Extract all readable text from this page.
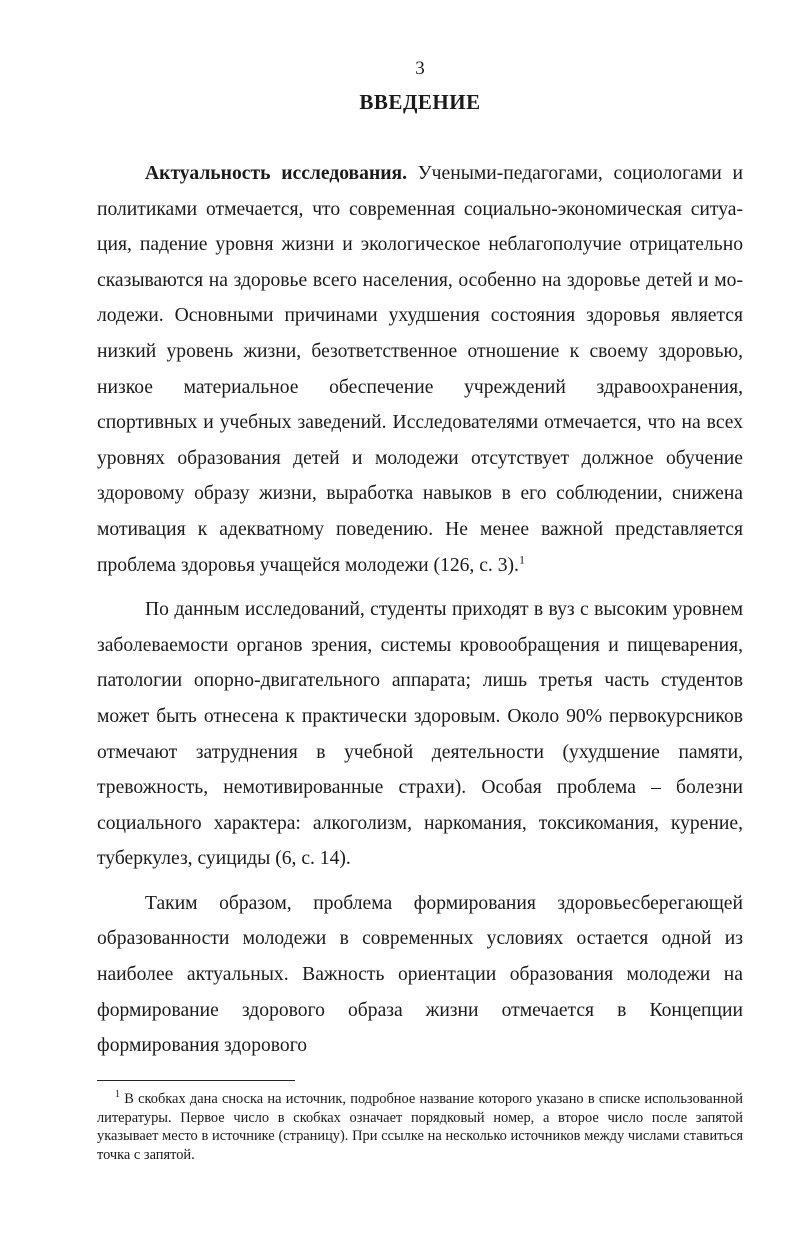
3
ВВЕДЕНИЕ

Актуальность исследования. Учеными-педагогами, социологами и политиками отмечается, что современная социально-экономическая ситуация, падение уровня жизни и экологическое неблагополучие отрицательно сказываются на здоровье всего населения, особенно на здоровье детей и молодежи. Основными причинами ухудшения состояния здоровья является низкий уровень жизни, безответственное отношение к своему здоровью, низкое материальное обеспечение учреждений здравоохранения, спортивных и учебных заведений. Исследователями отмечается, что на всех уровнях образования детей и молодежи отсутствует должное обучение здоровому образу жизни, выработка навыков в его соблюдении, снижена мотивация к адекватному поведению. Не менее важной представляется проблема здоровья учащейся молодежи (126, с. 3).$^1$

По данным исследований, студенты приходят в вуз с высоким уровнем заболеваемости органов зрения, системы кровообращения и пищеварения, патологии опорно-двигательного аппарата; лишь третья часть студентов может быть отнесена к практически здоровым. Около 90% первокурсников отмечают затруднения в учебной деятельности (ухудшение памяти, тревожность, немотивированные страхи). Особая проблема – болезни социального характера: алкоголизм, наркомания, токсикомания, курение, туберкулез, суициды (6, с. 14).

Таким образом, проблема формирования здоровьесберегающей образованности молодежи в современных условиях остается одной из наиболее актуальных. Важность ориентации образования молодежи на формирование здорового образа жизни отмечается в Концепции формирования здорового

$^1$ В скобках дана сноска на источник, подробное название которого указано в списке использованной литературы. Первое число в скобках означает порядковый номер, а второе число после запятой указывает место в источнике (страницу). При ссылке на несколько источников между числами ставиться точка с запятой.
